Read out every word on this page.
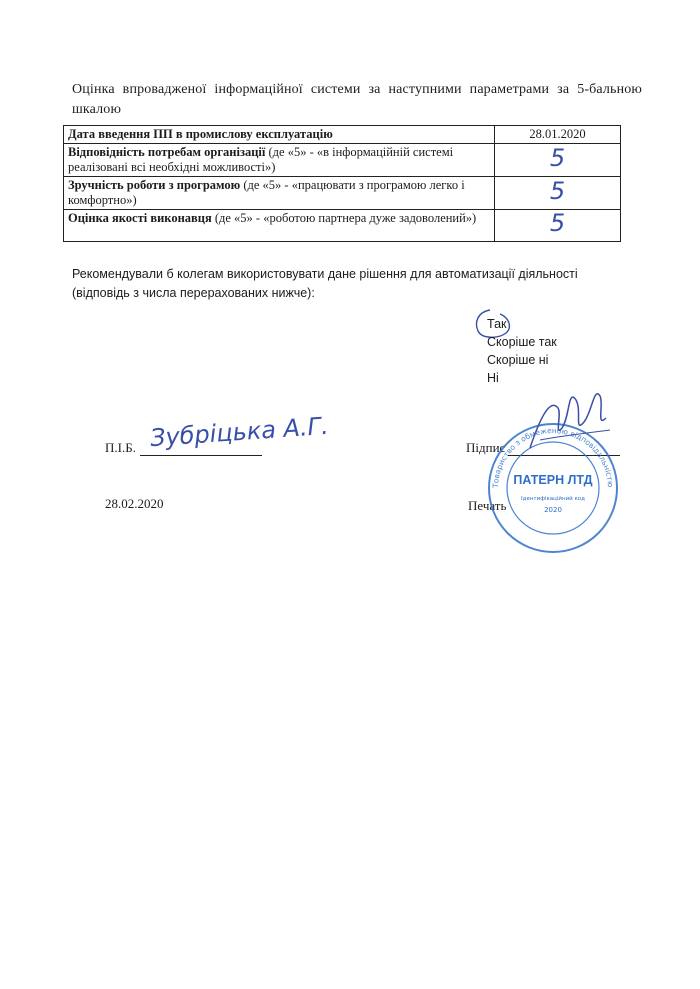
Оцінка впровадженої інформаційної системи за наступними параметрами за 5-бальною шкалою
Дата введення ПП в промислову експлуатацію	28.01.2020
Відповідність потребам організації (де «5» - «в інформаційній системі реалізовані всі необхідні можливості»)	5
Зручність роботи з програмою (де «5» - «працювати з програмою легко і комфортно»)	5
Оцінка якості виконавця (де «5» - «роботою партнера дуже задоволений»)	5
Рекомендували б колегам використовувати дане рішення для автоматизації діяльності (відповідь з числа перерахованих нижче):
Так
Скоріше так
Скоріше ні
Ні
П.І.Б. Зубріцька А.Г.
28.02.2020
Підпис
Печать
Товариство з обмеженою відповідальністю
ПАТЕРН ЛТД
Ідентифікаційний код
2020
